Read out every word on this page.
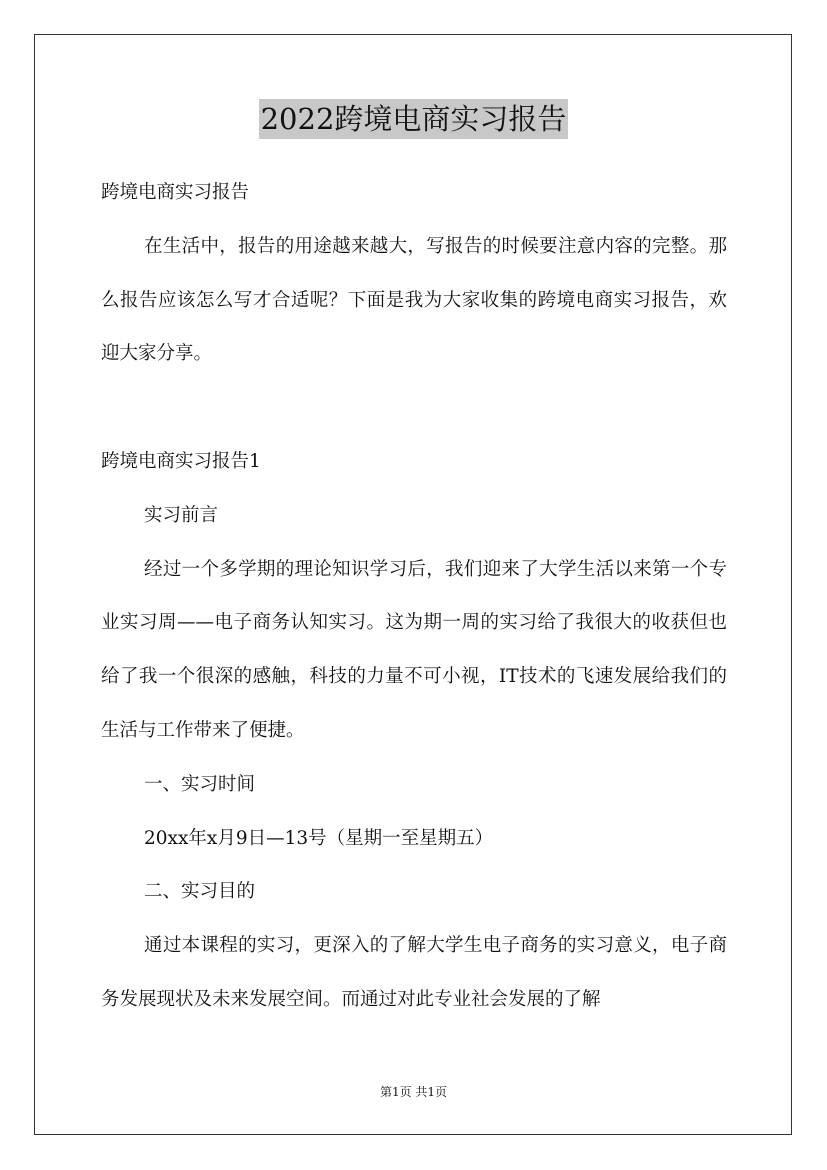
2022跨境电商实习报告

跨境电商实习报告

在生活中，报告的用途越来越大，写报告的时候要注意内容的完整。那么报告应该怎么写才合适呢？下面是我为大家收集的跨境电商实习报告，欢迎大家分享。

跨境电商实习报告1

实习前言

经过一个多学期的理论知识学习后，我们迎来了大学生活以来第一个专业实习周——电子商务认知实习。这为期一周的实习给了我很大的收获但也给了我一个很深的感触，科技的力量不可小视，IT技术的飞速发展给我们的生活与工作带来了便捷。

一、实习时间

20xx年x月9日—13号（星期一至星期五）

二、实习目的

通过本课程的实习，更深入的了解大学生电子商务的实习意义，电子商务发展现状及未来发展空间。而通过对此专业社会发展的了解

第1页 共1页
